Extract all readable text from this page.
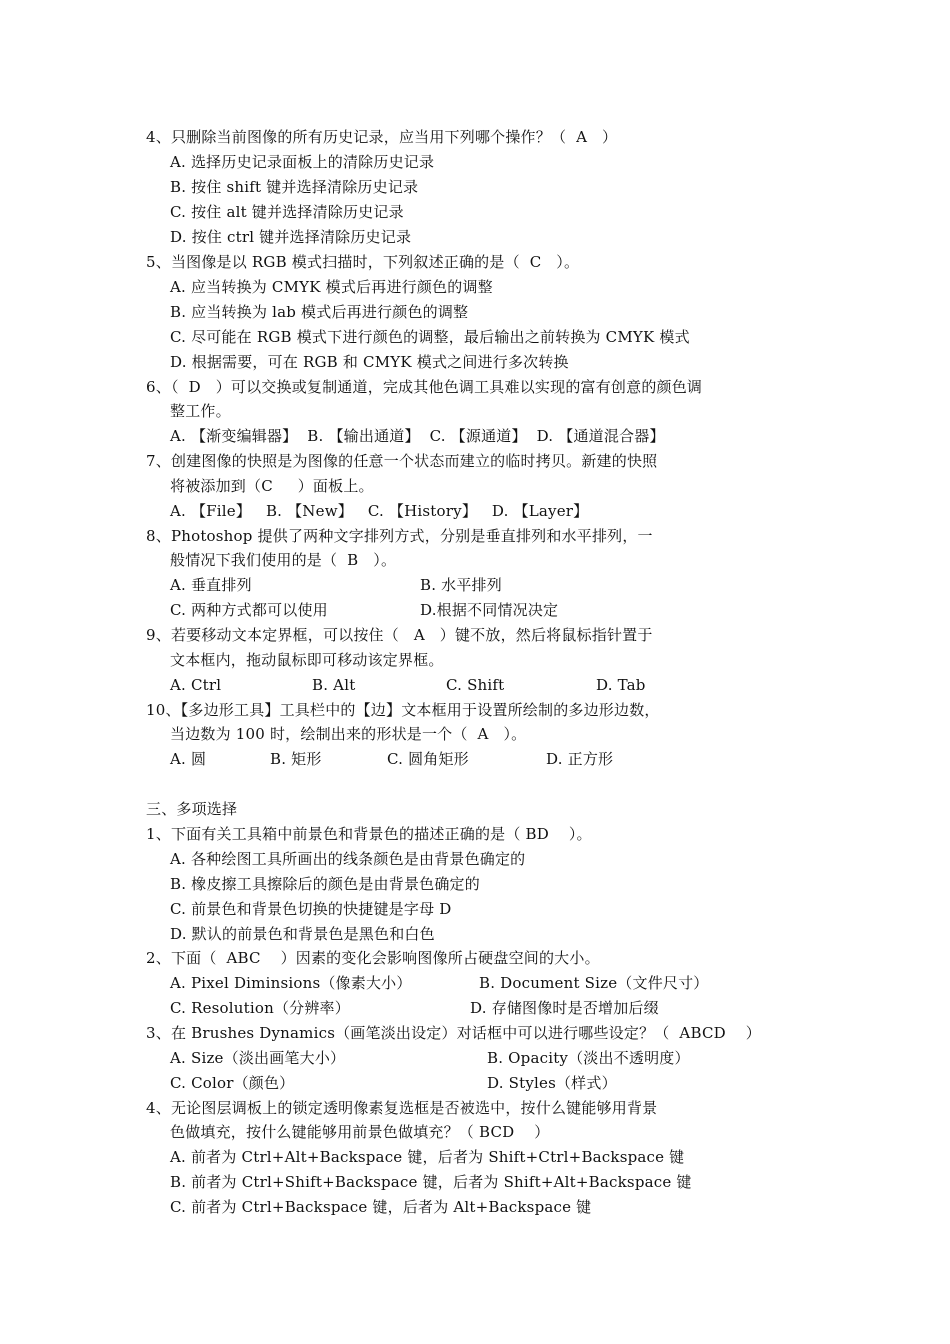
4、只删除当前图像的所有历史记录，应当用下列哪个操作？（  A   ）
A. 选择历史记录面板上的清除历史记录
B. 按住 shift 键并选择清除历史记录
C. 按住 alt 键并选择清除历史记录
D. 按住 ctrl 键并选择清除历史记录
5、当图像是以 RGB 模式扫描时，下列叙述正确的是（  C   ）。
A. 应当转换为 CMYK 模式后再进行颜色的调整
B. 应当转换为 lab 模式后再进行颜色的调整
C. 尽可能在 RGB 模式下进行颜色的调整，最后输出之前转换为 CMYK 模式
D. 根据需要，可在 RGB 和 CMYK 模式之间进行多次转换
6、（  D   ）可以交换或复制通道，完成其他色调工具难以实现的富有创意的颜色调
整工作。
A. 【渐变编辑器】  B. 【输出通道】  C. 【源通道】  D. 【通道混合器】
7、创建图像的快照是为图像的任意一个状态而建立的临时拷贝。新建的快照
将被添加到（C     ）面板上。
A. 【File】   B. 【New】   C. 【History】   D. 【Layer】
8、Photoshop 提供了两种文字排列方式，分别是垂直排列和水平排列，一
般情况下我们使用的是（  B   ）。
A. 垂直排列	B. 水平排列
C. 两种方式都可以使用	D.根据不同情况决定
9、若要移动文本定界框，可以按住（   A   ）键不放，然后将鼠标指针置于
文本框内，拖动鼠标即可移动该定界框。
A. Ctrl	B. Alt	C. Shift	D. Tab
10、【多边形工具】工具栏中的【边】文本框用于设置所绘制的多边形边数，
当边数为 100 时，绘制出来的形状是一个（  A   ）。
A. 圆	B. 矩形	C. 圆角矩形	D. 正方形
三、多项选择
1、下面有关工具箱中前景色和背景色的描述正确的是（ BD    ）。
A. 各种绘图工具所画出的线条颜色是由背景色确定的
B. 橡皮擦工具擦除后的颜色是由背景色确定的
C. 前景色和背景色切换的快捷键是字母 D
D. 默认的前景色和背景色是黑色和白色
2、下面（  ABC    ）因素的变化会影响图像所占硬盘空间的大小。
A. Pixel Diminsions（像素大小）	B. Document Size（文件尺寸）
C. Resolution（分辨率）	D. 存储图像时是否增加后缀
3、在 Brushes Dynamics（画笔淡出设定）对话框中可以进行哪些设定？（  ABCD    ）
A. Size（淡出画笔大小）	B. Opacity（淡出不透明度）
C. Color（颜色）	D. Styles（样式）
4、无论图层调板上的锁定透明像素复选框是否被选中，按什么键能够用背景
色做填充，按什么键能够用前景色做填充？（ BCD    ）
A. 前者为 Ctrl+Alt+Backspace 键，后者为 Shift+Ctrl+Backspace 键
B. 前者为 Ctrl+Shift+Backspace 键，后者为 Shift+Alt+Backspace 键
C. 前者为 Ctrl+Backspace 键，后者为 Alt+Backspace 键
